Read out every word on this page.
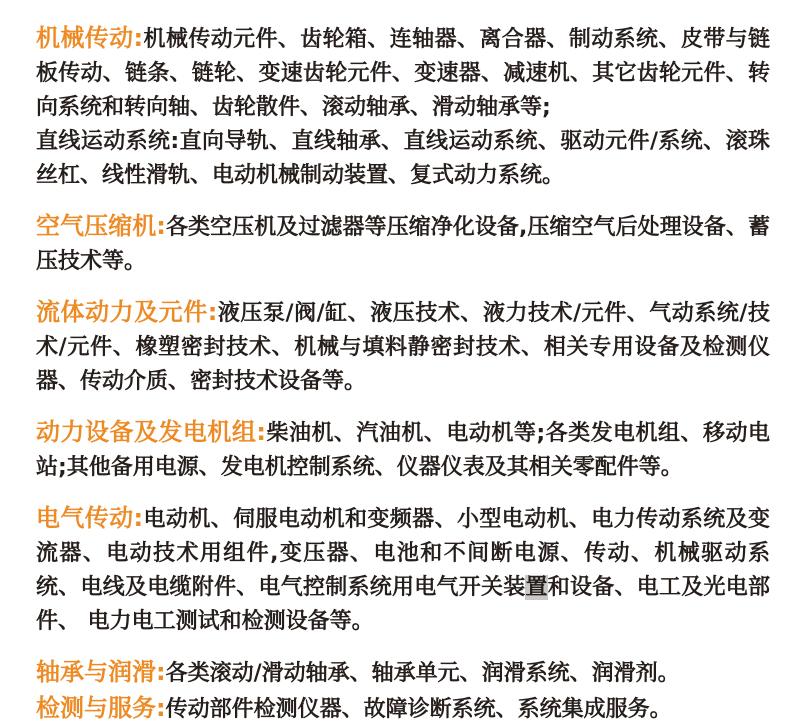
机械传动:机械传动元件、齿轮箱、连轴器、离合器、制动系统、皮带与链板传动、链条、链轮、变速齿轮元件、变速器、减速机、其它齿轮元件、转向系统和转向轴、齿轮散件、滚动轴承、滑动轴承等;

直线运动系统:直向导轨、直线轴承、直线运动系统、驱动元件/系统、滚珠丝杠、线性滑轨、电动机械制动装置、复式动力系统。

空气压缩机:各类空压机及过滤器等压缩净化设备,压缩空气后处理设备、蓄压技术等。

流体动力及元件:液压泵/阀/缸、液压技术、液力技术/元件、气动系统/技术/元件、橡塑密封技术、机械与填料静密封技术、相关专用设备及检测仪器、传动介质、密封技术设备等。

动力设备及发电机组:柴油机、汽油机、电动机等;各类发电机组、移动电站;其他备用电源、发电机控制系统、仪器仪表及其相关零配件等。

电气传动:电动机、伺服电动机和变频器、小型电动机、电力传动系统及变流器、电动技术用组件,变压器、电池和不间断电源、传动、机械驱动系统、电线及电缆附件、电气控制系统用电气开关装置和设备、电工及光电部件、 电力电工测试和检测设备等。

轴承与润滑:各类滚动/滑动轴承、轴承单元、润滑系统、润滑剂。

检测与服务:传动部件检测仪器、故障诊断系统、系统集成服务。
